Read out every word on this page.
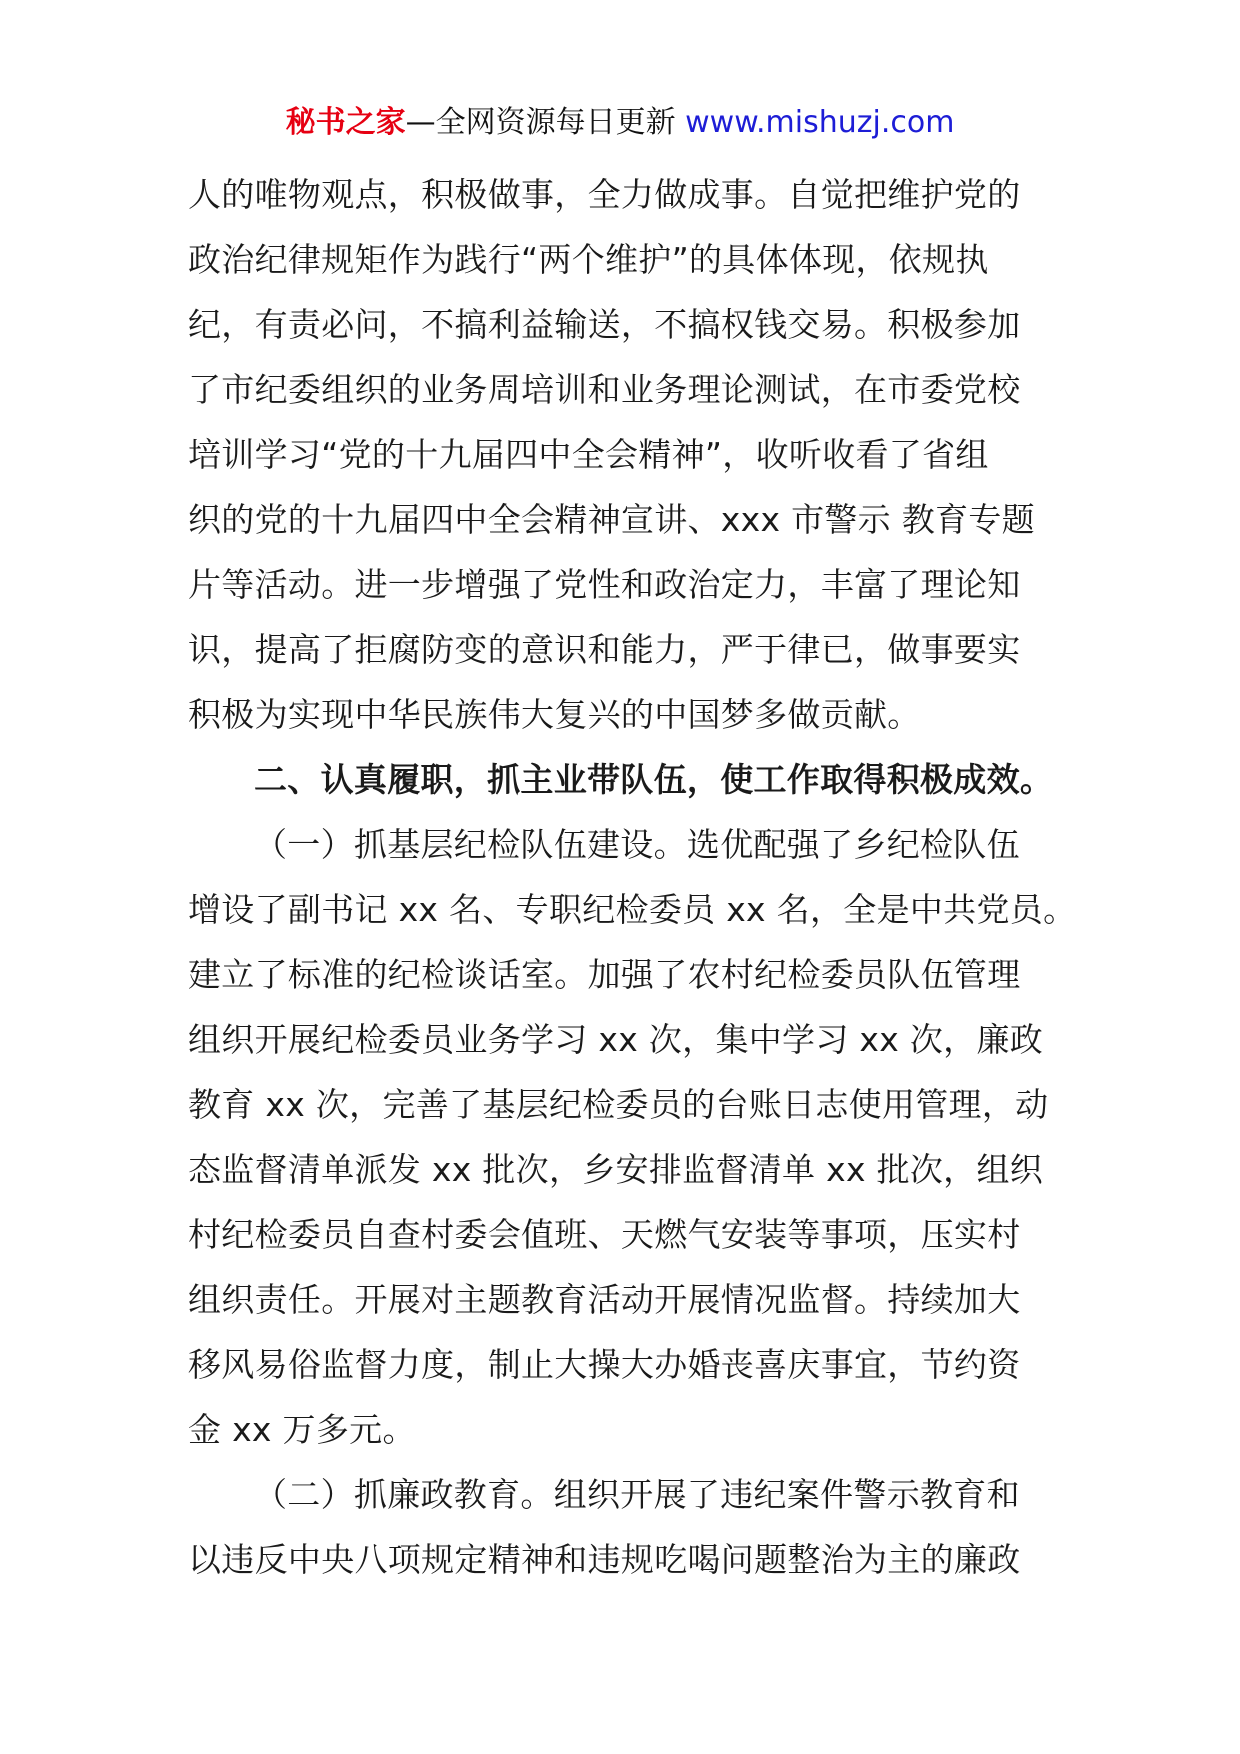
秘书之家—全网资源每日更新 www.mishuzj.com
人的唯物观点，积极做事，全力做成事。自觉把维护党的
政治纪律规矩作为践行“两个维护”的具体体现，依规执
纪，有责必问，不搞利益输送，不搞权钱交易。积极参加
了市纪委组织的业务周培训和业务理论测试，在市委党校
培训学习“党的十九届四中全会精神”，收听收看了省组
织的党的十九届四中全会精神宣讲、xxx 市警示 教育专题
片等活动。进一步增强了党性和政治定力，丰富了理论知
识，提高了拒腐防变的意识和能力，严于律已，做事要实
积极为实现中华民族伟大复兴的中国梦多做贡献。
二、认真履职，抓主业带队伍，使工作取得积极成效。
（一）抓基层纪检队伍建设。选优配强了乡纪检队伍
增设了副书记 xx 名、专职纪检委员 xx 名，全是中共党员。
建立了标准的纪检谈话室。加强了农村纪检委员队伍管理
组织开展纪检委员业务学习 xx 次，集中学习 xx 次，廉政
教育 xx 次，完善了基层纪检委员的台账日志使用管理，动
态监督清单派发 xx 批次，乡安排监督清单 xx 批次，组织
村纪检委员自查村委会值班、天燃气安装等事项，压实村
组织责任。开展对主题教育活动开展情况监督。持续加大
移风易俗监督力度，制止大操大办婚丧喜庆事宜，节约资
金 xx 万多元。
（二）抓廉政教育。组织开展了违纪案件警示教育和
以违反中央八项规定精神和违规吃喝问题整治为主的廉政
